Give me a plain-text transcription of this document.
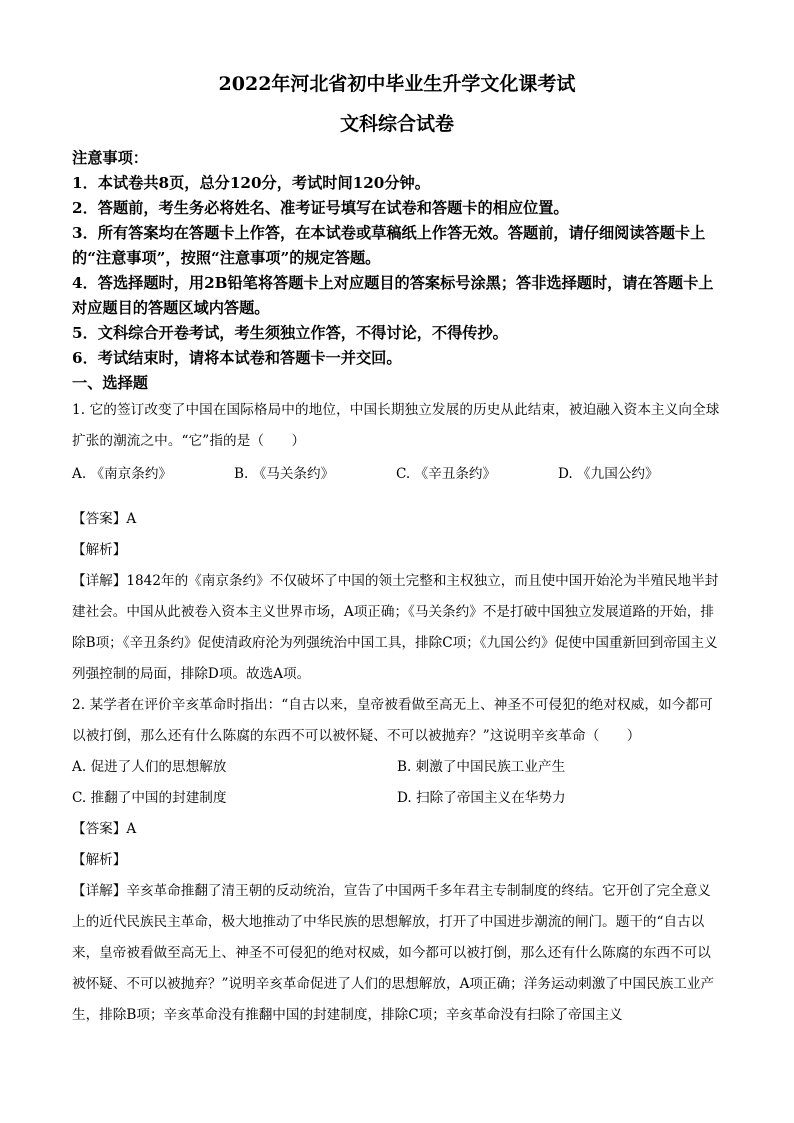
2022年河北省初中毕业生升学文化课考试
文科综合试卷

注意事项：

1．本试卷共8页，总分120分，考试时间120分钟。

2．答题前，考生务必将姓名、准考证号填写在试卷和答题卡的相应位置。

3．所有答案均在答题卡上作答，在本试卷或草稿纸上作答无效。答题前，请仔细阅读答题卡上的“注意事项”，按照“注意事项”的规定答题。

4．答选择题时，用2B铅笔将答题卡上对应题目的答案标号涂黑；答非选择题时，请在答题卡上对应题目的答题区域内答题。

5．文科综合开卷考试，考生须独立作答，不得讨论，不得传抄。

6．考试结束时，请将本试卷和答题卡一并交回。

一、选择题

1. 它的签订改变了中国在国际格局中的地位，中国长期独立发展的历史从此结束，被迫融入资本主义向全球扩张的潮流之中。“它”指的是（　　）

A. 《南京条约》	B. 《马关条约》	C. 《辛丑条约》	D. 《九国公约》

【答案】A

【解析】

【详解】1842年的《南京条约》不仅破坏了中国的领土完整和主权独立，而且使中国开始沦为半殖民地半封建社会。中国从此被卷入资本主义世界市场，A项正确；《马关条约》不是打破中国独立发展道路的开始，排除B项；《辛丑条约》促使清政府沦为列强统治中国工具，排除C项；《九国公约》促使中国重新回到帝国主义列强控制的局面，排除D项。故选A项。

2. 某学者在评价辛亥革命时指出：“自古以来，皇帝被看做至高无上、神圣不可侵犯的绝对权威，如今都可以被打倒，那么还有什么陈腐的东西不可以被怀疑、不可以被抛弃？”这说明辛亥革命（　　）

A. 促进了人们的思想解放	B. 刺激了中国民族工业产生
C. 推翻了中国的封建制度	D. 扫除了帝国主义在华势力

【答案】A

【解析】

【详解】辛亥革命推翻了清王朝的反动统治，宣告了中国两千多年君主专制制度的终结。它开创了完全意义上的近代民族民主革命，极大地推动了中华民族的思想解放，打开了中国进步潮流的闸门。题干的“自古以来，皇帝被看做至高无上、神圣不可侵犯的绝对权威，如今都可以被打倒，那么还有什么陈腐的东西不可以被怀疑、不可以被抛弃？”说明辛亥革命促进了人们的思想解放，A项正确；洋务运动刺激了中国民族工业产生，排除B项；辛亥革命没有推翻中国的封建制度，排除C项；辛亥革命没有扫除了帝国主义
